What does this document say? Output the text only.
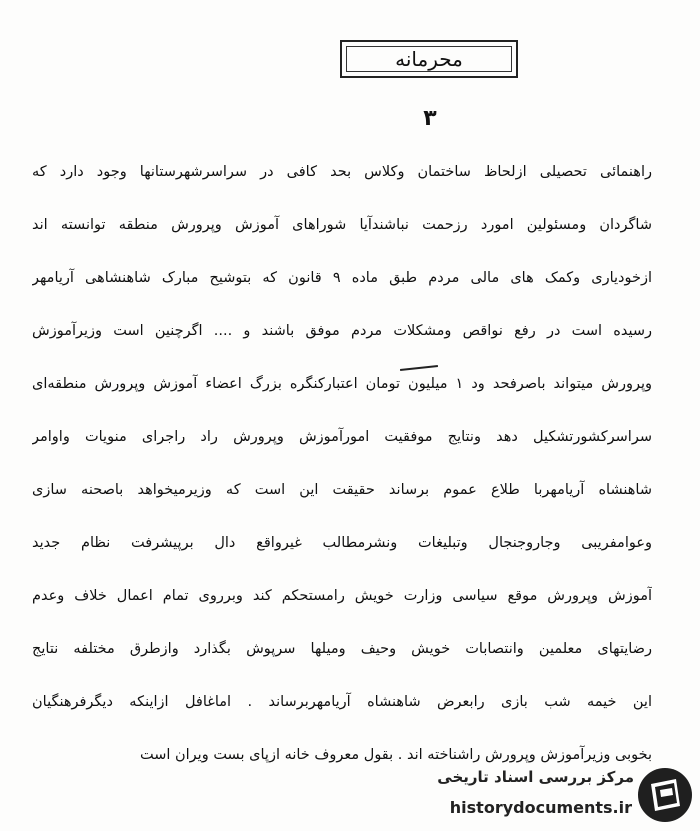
محرمانه
۳
راهنمائی تحصیلی ازلحاظ ساختمان وکلاس بحد کافی در سراسرشهرستانها وجود دارد که
شاگردان ومسئولین امورد رزحمت نباشندآیا شوراهای آموزش وپرورش منطقه توانسته اند
ازخودیاری وکمک های مالی مردم طبق ماده ۹ قانون که بتوشیح مبارک شاهنشاهی آریامهر
رسیده است در رفع نواقص ومشکلات مردم موفق باشند و .... اگرچنین است وزیرآموزش
وپرورش میتواند باصرفحد ود ۱ میلیون تومان اعتبارکنگره بزرگ اعضاء آموزش وپرورش منطقه‌ای
سراسرکشورتشکیل دهد ونتایج موفقیت امورآموزش وپرورش راد راجرای منویات واوامر
شاهنشاه آریامهربا طلاع عموم برساند حقیقت این است که وزیرمیخواهد باصحنه سازی
وعوامفریبی وجاروجنجال وتبلیغات ونشرمطالب غیرواقع دال برپیشرفت نظام جدید
آموزش وپرورش موقع سیاسی وزارت خویش رامستحکم کند وبرروی تمام اعمال خلاف وعدم
رضایتهای معلمین وانتصابات خویش وحیف ومیلها سرپوش بگذارد وازطرق مختلفه نتایج
این خیمه شب بازی رابعرض شاهنشاه آریامهربرساند . اماغافل ازاینکه دیگرفرهنگیان
بخوبی وزیرآموزش وپرورش راشناخته اند . بقول معروف خانه ازپای بست ویران است
مرکز بررسی اسناد تاریخی
historydocuments.ir
